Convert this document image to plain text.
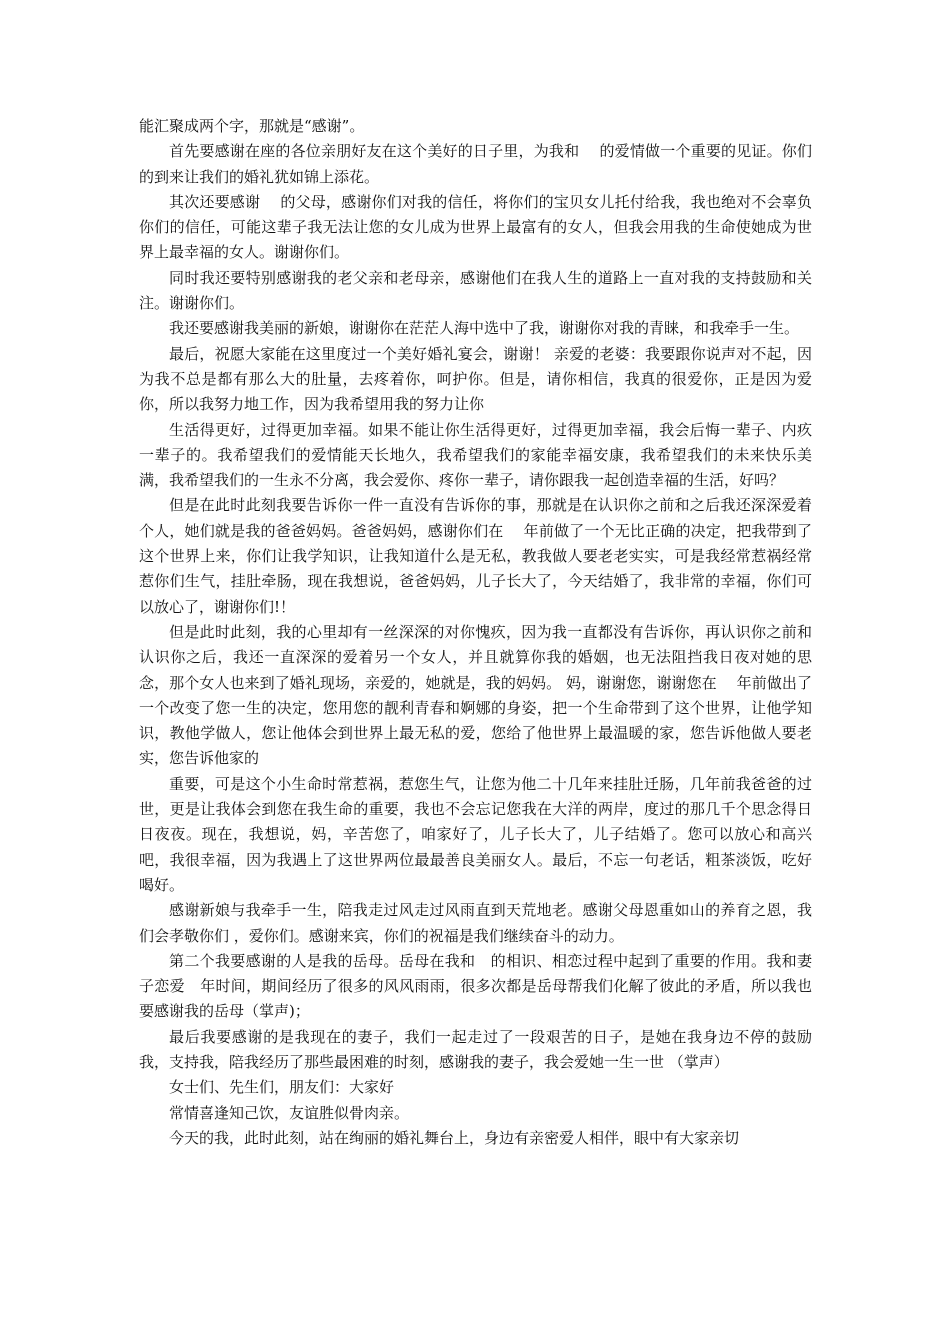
能汇聚成两个字，那就是“感谢”。

首先要感谢在座的各位亲朋好友在这个美好的日子里，为我和　 的爱情做一个重要的见证。你们的到来让我们的婚礼犹如锦上添花。

其次还要感谢　 的父母，感谢你们对我的信任，将你们的宝贝女儿托付给我，我也绝对不会辜负你们的信任，可能这辈子我无法让您的女儿成为世界上最富有的女人，但我会用我的生命使她成为世界上最幸福的女人。谢谢你们。

同时我还要特别感谢我的老父亲和老母亲，感谢他们在我人生的道路上一直对我的支持鼓励和关注。谢谢你们。

我还要感谢我美丽的新娘，谢谢你在茫茫人海中选中了我，谢谢你对我的青睐，和我牵手一生。

最后，祝愿大家能在这里度过一个美好婚礼宴会，谢谢！ 亲爱的老婆：我要跟你说声对不起，因为我不总是都有那么大的肚量，去疼着你，呵护你。但是，请你相信，我真的很爱你，正是因为爱你，所以我努力地工作，因为我希望用我的努力让你

生活得更好，过得更加幸福。如果不能让你生活得更好，过得更加幸福，我会后悔一辈子、内疚一辈子的。我希望我们的爱情能天长地久，我希望我们的家能幸福安康，我希望我们的未来快乐美满，我希望我们的一生永不分离，我会爱你、疼你一辈子，请你跟我一起创造幸福的生活，好吗？

但是在此时此刻我要告诉你一件一直没有告诉你的事，那就是在认识你之前和之后我还深深爱着　个人，她们就是我的爸爸妈妈。爸爸妈妈，感谢你们在　 年前做了一个无比正确的决定，把我带到了这个世界上来，你们让我学知识，让我知道什么是无私，教我做人要老老实实，可是我经常惹祸经常惹你们生气，挂肚牵肠，现在我想说，爸爸妈妈，儿子长大了，今天结婚了，我非常的幸福，你们可以放心了，谢谢你们!！

但是此时此刻，我的心里却有一丝深深的对你愧疚，因为我一直都没有告诉你，再认识你之前和认识你之后，我还一直深深的爱着另一个女人，并且就算你我的婚姻，也无法阻挡我日夜对她的思念，那个女人也来到了婚礼现场，亲爱的，她就是，我的妈妈。 妈，谢谢您，谢谢您在　 年前做出了一个改变了您一生的决定，您用您的靓利青春和婀娜的身姿，把一个生命带到了这个世界，让他学知识，教他学做人，您让他体会到世界上最无私的爱，您给了他世界上最温暖的家，您告诉他做人要老实，您告诉他家的

重要，可是这个小生命时常惹祸，惹您生气，让您为他二十几年来挂肚迁肠，几年前我爸爸的过世，更是让我体会到您在我生命的重要，我也不会忘记您我在大洋的两岸，度过的那几千个思念得日日夜夜。现在，我想说，妈，辛苦您了，咱家好了，儿子长大了，儿子结婚了。您可以放心和高兴吧，我很幸福，因为我遇上了这世界两位最最善良美丽女人。最后，不忘一句老话，粗茶淡饭，吃好喝好。

感谢新娘与我牵手一生，陪我走过风走过风雨直到天荒地老。感谢父母恩重如山的养育之恩，我们会孝敬你们 ，爱你们。感谢来宾，你们的祝福是我们继续奋斗的动力。

第二个我要感谢的人是我的岳母。岳母在我和　的相识、相恋过程中起到了重要的作用。我和妻子恋爱　年时间，期间经历了很多的风风雨雨，很多次都是岳母帮我们化解了彼此的矛盾，所以我也要感谢我的岳母（掌声)；

最后我要感谢的是我现在的妻子，我们一起走过了一段艰苦的日子，是她在我身边不停的鼓励我，支持我，陪我经历了那些最困难的时刻，感谢我的妻子，我会爱她一生一世 （掌声）

女士们、先生们，朋友们：大家好

常情喜逢知己饮，友谊胜似骨肉亲。

今天的我，此时此刻，站在绚丽的婚礼舞台上，身边有亲密爱人相伴，眼中有大家亲切
